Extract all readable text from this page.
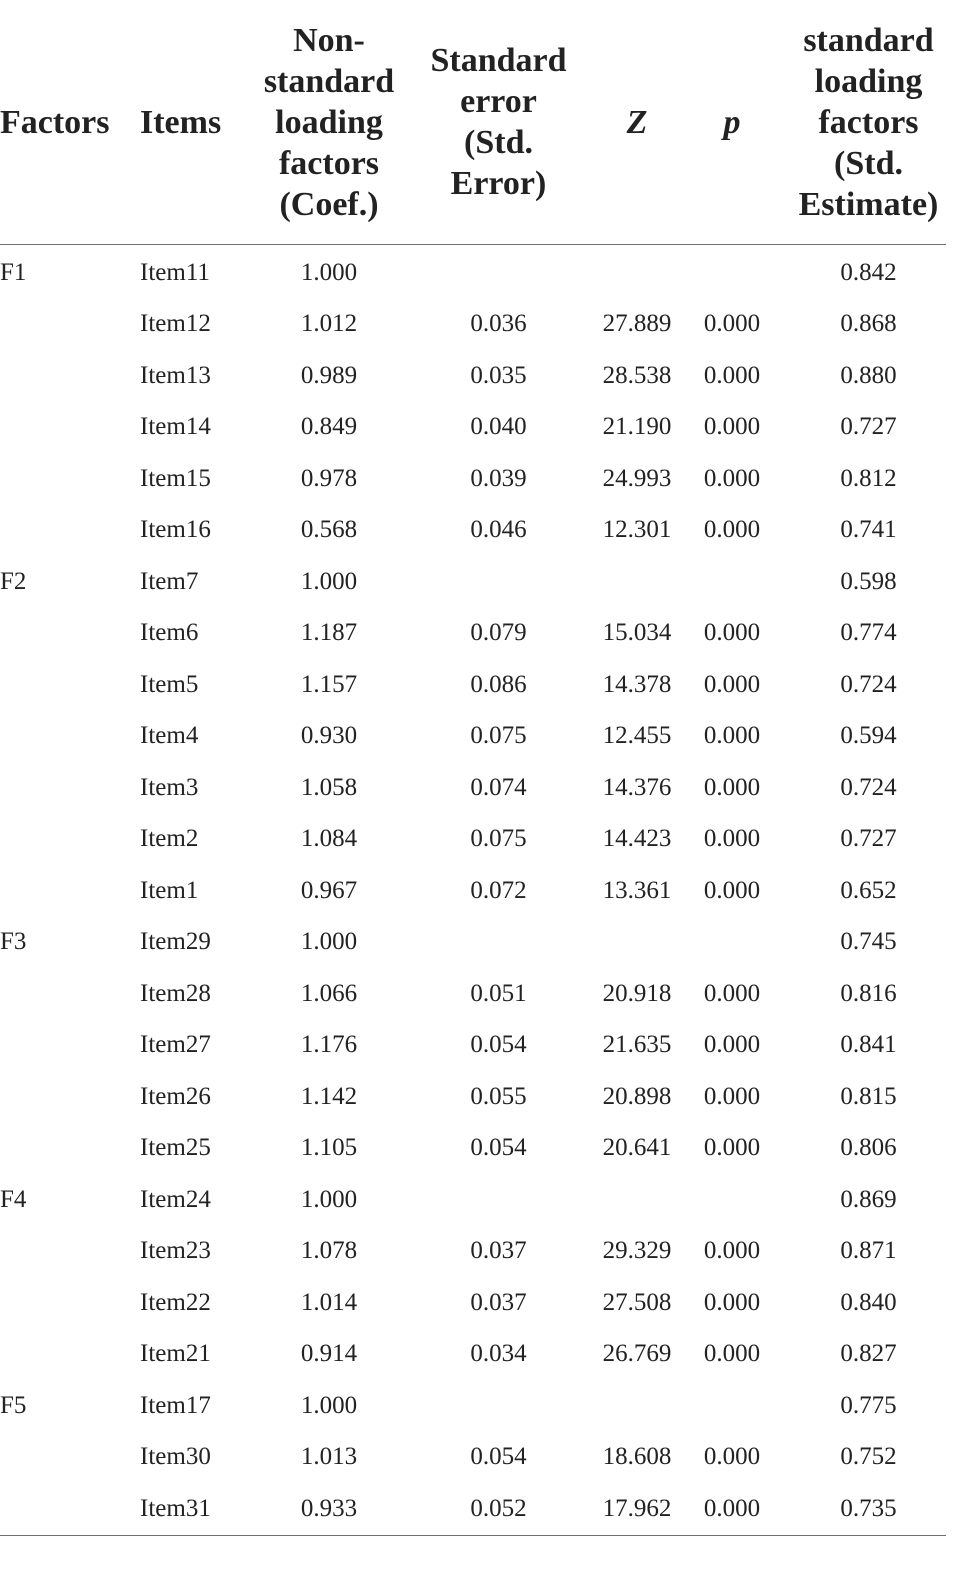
Factors	Items	Non-
standard
loading
factors
(Coef.)	Standard
error
(Std.
Error)	Z	p	standard
loading
factors
(Std.
Estimate)

F1	Item11	1.000				0.842
	Item12	1.012	0.036	27.889	0.000	0.868
	Item13	0.989	0.035	28.538	0.000	0.880
	Item14	0.849	0.040	21.190	0.000	0.727
	Item15	0.978	0.039	24.993	0.000	0.812
	Item16	0.568	0.046	12.301	0.000	0.741
F2	Item7	1.000				0.598
	Item6	1.187	0.079	15.034	0.000	0.774
	Item5	1.157	0.086	14.378	0.000	0.724
	Item4	0.930	0.075	12.455	0.000	0.594
	Item3	1.058	0.074	14.376	0.000	0.724
	Item2	1.084	0.075	14.423	0.000	0.727
	Item1	0.967	0.072	13.361	0.000	0.652
F3	Item29	1.000				0.745
	Item28	1.066	0.051	20.918	0.000	0.816
	Item27	1.176	0.054	21.635	0.000	0.841
	Item26	1.142	0.055	20.898	0.000	0.815
	Item25	1.105	0.054	20.641	0.000	0.806
F4	Item24	1.000				0.869
	Item23	1.078	0.037	29.329	0.000	0.871
	Item22	1.014	0.037	27.508	0.000	0.840
	Item21	0.914	0.034	26.769	0.000	0.827
F5	Item17	1.000				0.775
	Item30	1.013	0.054	18.608	0.000	0.752
	Item31	0.933	0.052	17.962	0.000	0.735
